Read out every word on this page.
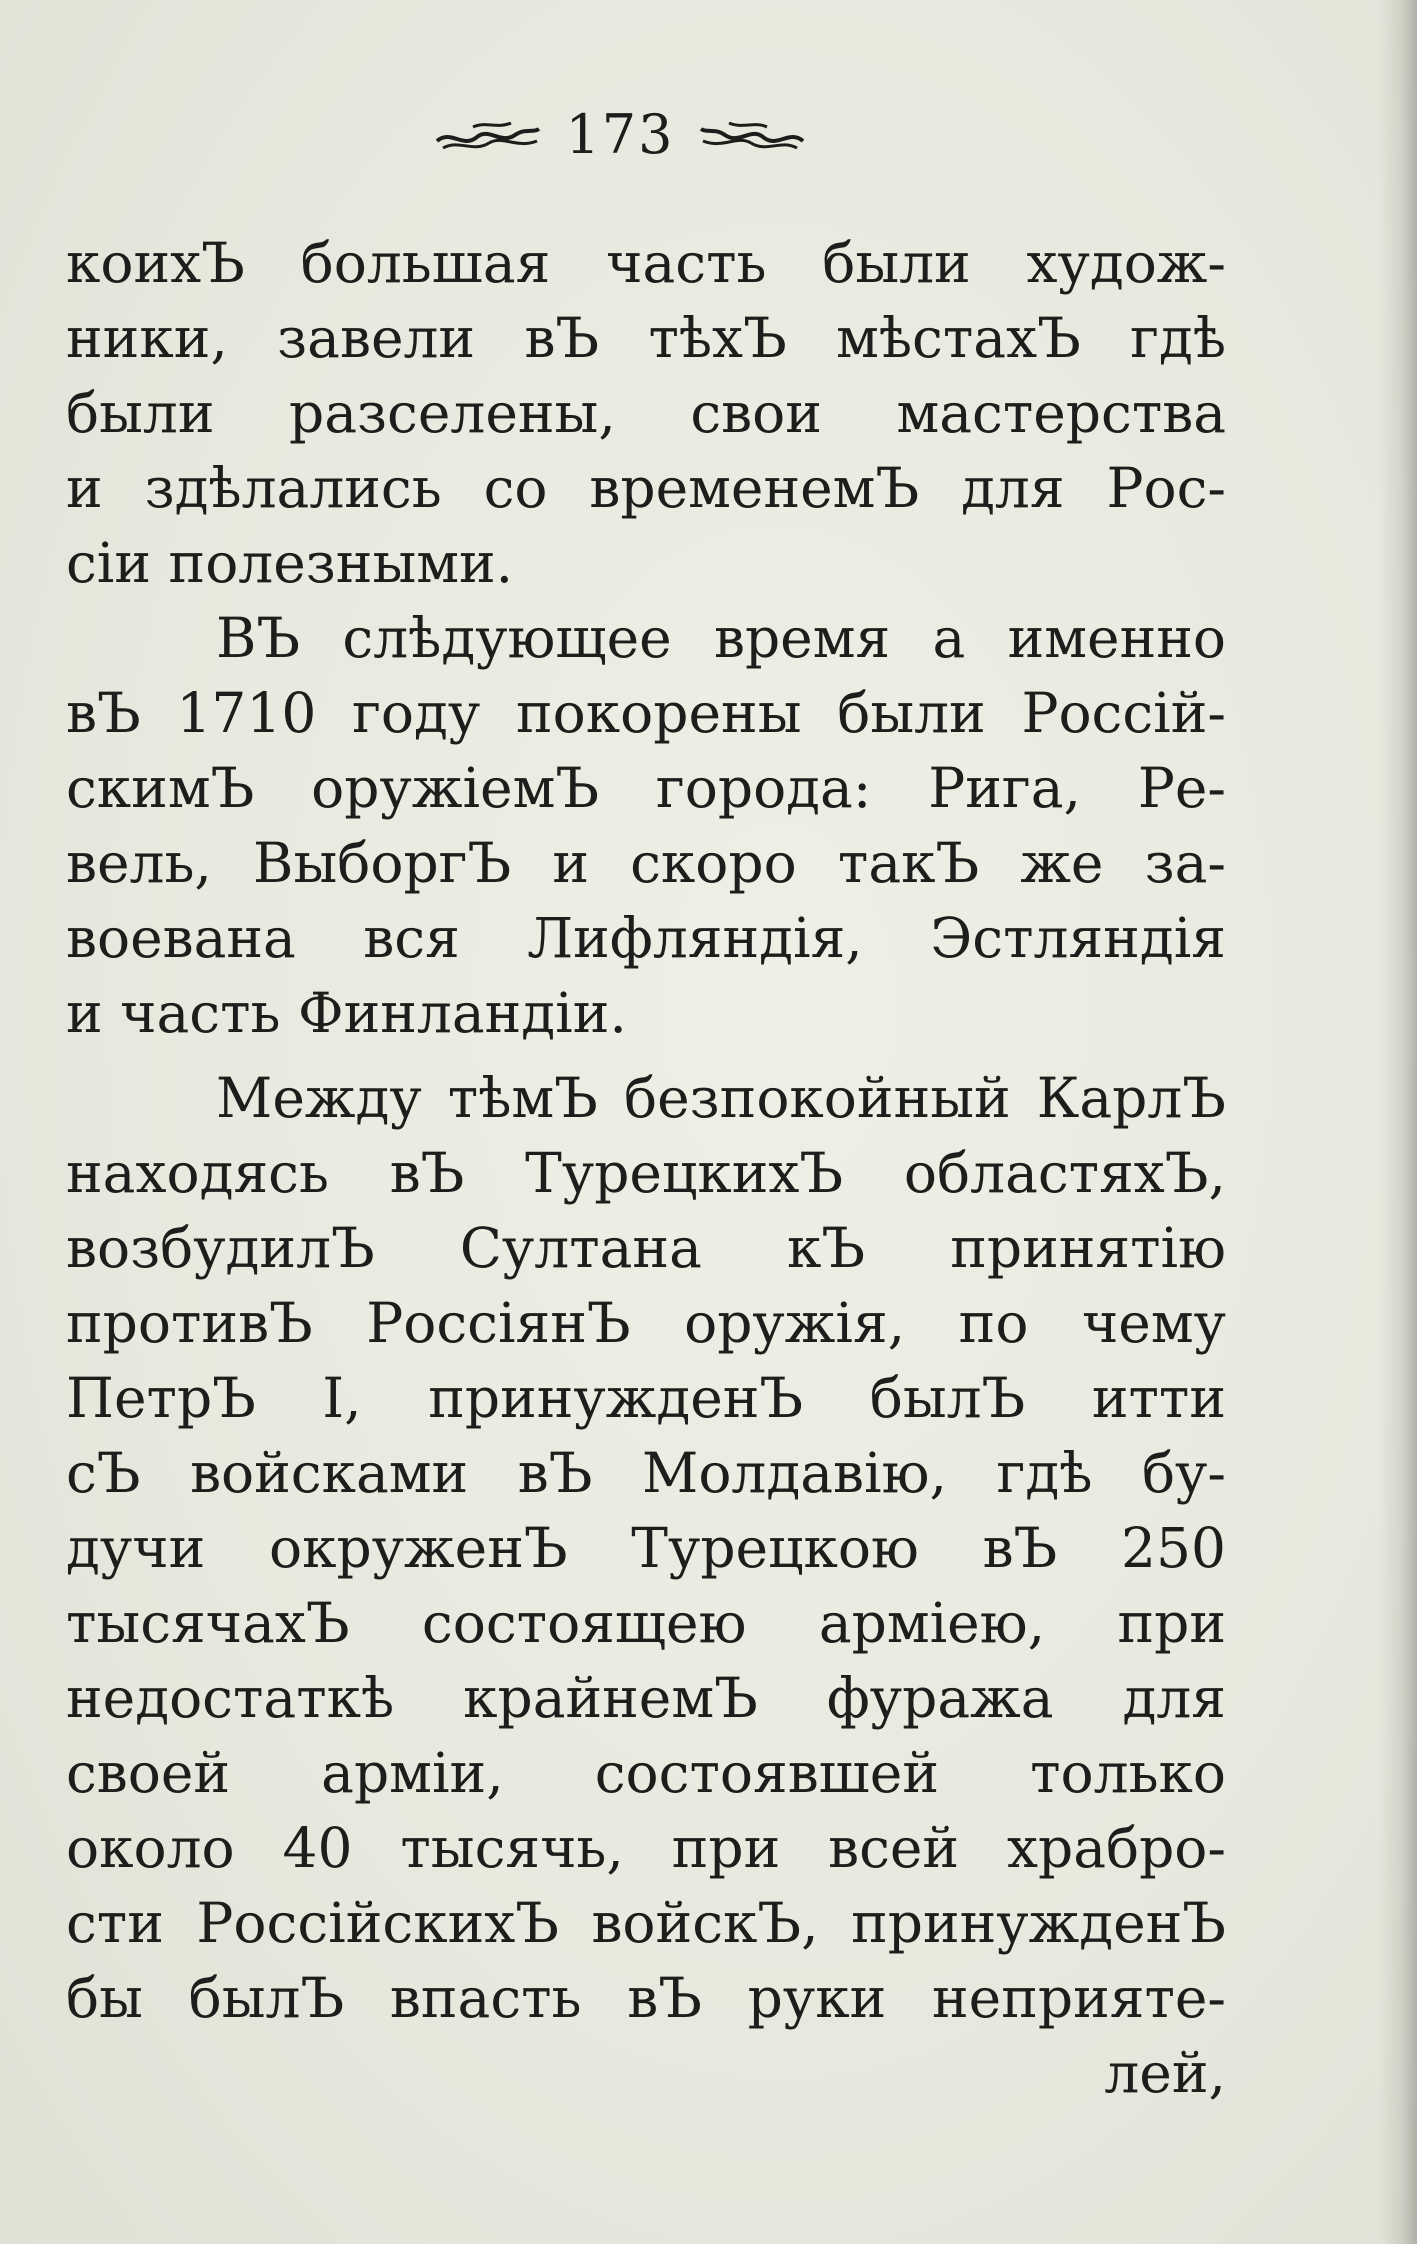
173
коихЪ большая часть были худож-
ники, завели вЪ тѣхЪ мѣстахЪ гдѣ
были разселены, свои мастерства
и здѣлались со временемЪ для Рос-
сіи полезными.
ВЪ слѣдующее время а именно
вЪ 1710 году покорены были Россій-
скимЪ оружіемЪ города: Рига, Ре-
вель, ВыборгЪ и скоро такЪ же за-
воевана вся Лифляндія, Эстляндія
и часть Финландіи.
Между тѣмЪ безпокойный КарлЪ
находясь вЪ ТурецкихЪ областяхЪ,
возбудилЪ Султана кЪ принятію
противЪ РоссіянЪ оружія, по чему
ПетрЪ I, принужденЪ былЪ итти
сЪ войсками вЪ Молдавію, гдѣ бу-
дучи окруженЪ Турецкою вЪ 250
тысячахЪ состоящею арміею, при
недостаткѣ крайнемЪ фуража для
своей арміи, состоявшей только
около 40 тысячь, при всей храбро-
сти РоссійскихЪ войскЪ, принужденЪ
бы былЪ впасть вЪ руки неприяте-
лей,
